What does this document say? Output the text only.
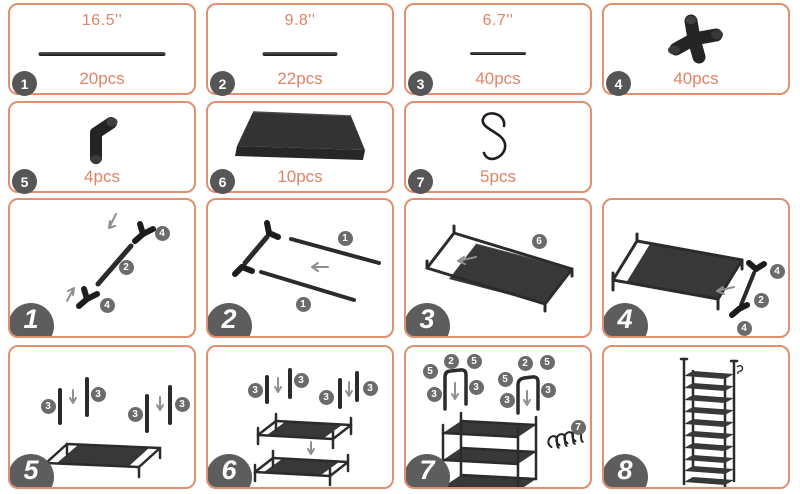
16.5''
20pcs
1
9.8''
22pcs
2
6.7''
40pcs
3	40pcs
4
4pcs
5	10pcs
6	5pcs
7
4
2
4
1
1
1
2
6
3
4
2
4
4
3
3
3
3
5
3
3
3
3
6
5
2	5
3
3
5
2	5
3
3
7
7	8
